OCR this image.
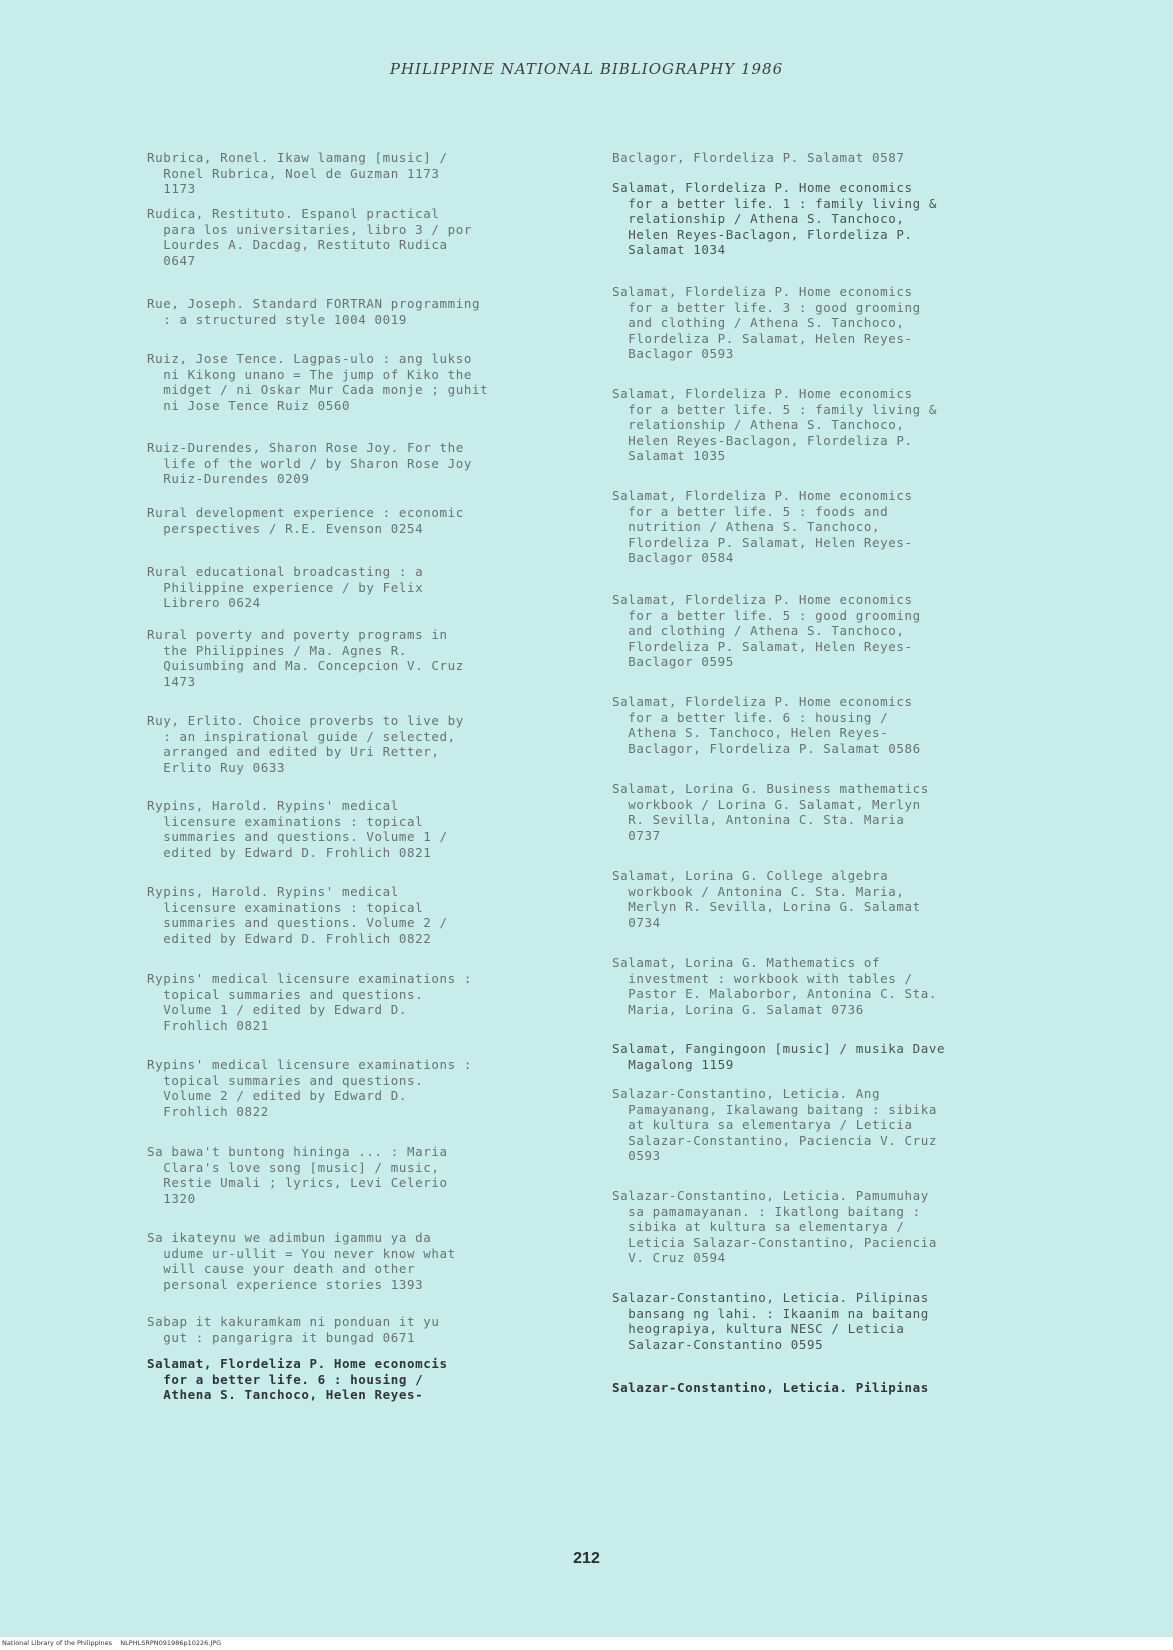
PHILIPPINE NATIONAL BIBLIOGRAPHY 1986
Rubrica, Ronel. Ikaw lamang [music] /
Ronel Rubrica, Noel de Guzman 1173
1173
Rudica, Restituto. Espanol practical
para los universitaries, libro 3 / por
Lourdes A. Dacdag, Restituto Rudica
0647
Rue, Joseph. Standard FORTRAN programming
: a structured style 1004 0019
Ruiz, Jose Tence. Lagpas-ulo : ang lukso
ni Kikong unano = The jump of Kiko the
midget / ni Oskar Mur Cada monje ; guhit
ni Jose Tence Ruiz 0560
Ruiz-Durendes, Sharon Rose Joy. For the
life of the world / by Sharon Rose Joy
Ruiz-Durendes 0209
Rural development experience : economic
perspectives / R.E. Evenson 0254
Rural educational broadcasting : a
Philippine experience / by Felix
Librero 0624
Rural poverty and poverty programs in
the Philippines / Ma. Agnes R.
Quisumbing and Ma. Concepcion V. Cruz
1473
Ruy, Erlito. Choice proverbs to live by
: an inspirational guide / selected,
arranged and edited by Uri Retter,
Erlito Ruy 0633
Rypins, Harold. Rypins' medical
licensure examinations : topical
summaries and questions. Volume 1 /
edited by Edward D. Frohlich 0821
Rypins, Harold. Rypins' medical
licensure examinations : topical
summaries and questions. Volume 2 /
edited by Edward D. Frohlich 0822
Rypins' medical licensure examinations :
topical summaries and questions.
Volume 1 / edited by Edward D.
Frohlich 0821
Rypins' medical licensure examinations :
topical summaries and questions.
Volume 2 / edited by Edward D.
Frohlich 0822
Sa bawa't buntong hininga ... : Maria
Clara's love song [music] / music,
Restie Umali ; lyrics, Levi Celerio
1320
Sa ikateynu we adimbun igammu ya da
udume ur-ullit = You never know what
will cause your death and other
personal experience stories 1393
Sabap it kakuramkam ni ponduan it yu
gut : pangarigra it bungad 0671
Salamat, Flordeliza P. Home economcis
for a better life. 6 : housing /
Athena S. Tanchoco, Helen Reyes-
Baclagor, Flordeliza P. Salamat 0587
Salamat, Flordeliza P. Home economics
for a better life. 1 : family living &
relationship / Athena S. Tanchoco,
Helen Reyes-Baclagon, Flordeliza P.
Salamat 1034
Salamat, Flordeliza P. Home economics
for a better life. 3 : good grooming
and clothing / Athena S. Tanchoco,
Flordeliza P. Salamat, Helen Reyes-
Baclagor 0593
Salamat, Flordeliza P. Home economics
for a better life. 5 : family living &
relationship / Athena S. Tanchoco,
Helen Reyes-Baclagon, Flordeliza P.
Salamat 1035
Salamat, Flordeliza P. Home economics
for a better life. 5 : foods and
nutrition / Athena S. Tanchoco,
Flordeliza P. Salamat, Helen Reyes-
Baclagor 0584
Salamat, Flordeliza P. Home economics
for a better life. 5 : good grooming
and clothing / Athena S. Tanchoco,
Flordeliza P. Salamat, Helen Reyes-
Baclagor 0595
Salamat, Flordeliza P. Home economics
for a better life. 6 : housing /
Athena S. Tanchoco, Helen Reyes-
Baclagor, Flordeliza P. Salamat 0586
Salamat, Lorina G. Business mathematics
workbook / Lorina G. Salamat, Merlyn
R. Sevilla, Antonina C. Sta. Maria
0737
Salamat, Lorina G. College algebra
workbook / Antonina C. Sta. Maria,
Merlyn R. Sevilla, Lorina G. Salamat
0734
Salamat, Lorina G. Mathematics of
investment : workbook with tables /
Pastor E. Malaborbor, Antonina C. Sta.
Maria, Lorina G. Salamat 0736
Salamat, Fangingoon [music] / musika Dave
Magalong 1159
Salazar-Constantino, Leticia. Ang
Pamayanang, Ikalawang baitang : sibika
at kultura sa elementarya / Leticia
Salazar-Constantino, Paciencia V. Cruz
0593
Salazar-Constantino, Leticia. Pamumuhay
sa pamamayanan. : Ikatlong baitang :
sibika at kultura sa elementarya /
Leticia Salazar-Constantino, Paciencia
V. Cruz 0594
Salazar-Constantino, Leticia. Pilipinas
bansang ng lahi. : Ikaanim na baitang
heograpiya, kultura NESC / Leticia
Salazar-Constantino 0595
Salazar-Constantino, Leticia. Pilipinas
212
National Library of the Philippines    NLPHLSRPN091986p10226.JPG
